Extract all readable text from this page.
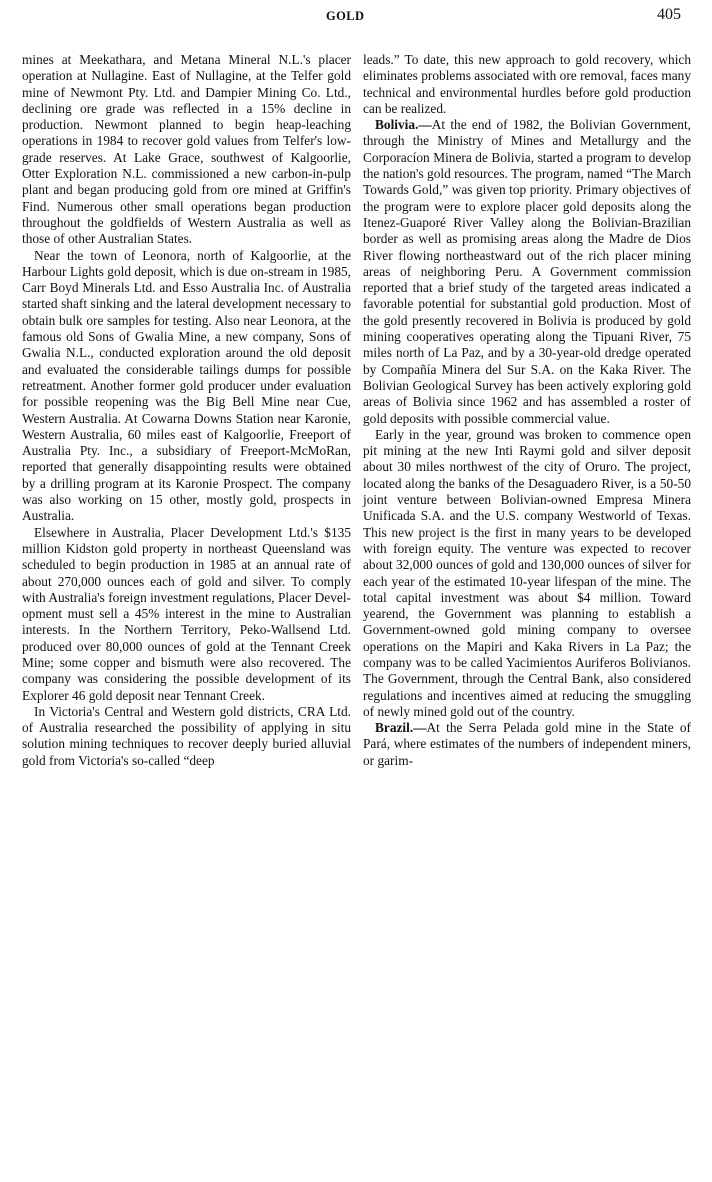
GOLD	405

mines at Meekathara, and Metana Mineral N.L.'s placer operation at Nullagine. East of Nullagine, at the Telfer gold mine of Newmont Pty. Ltd. and Dampier Mining Co. Ltd., declining ore grade was reflected in a 15% decline in production. Newmont planned to begin heap-leaching operations in 1984 to recover gold values from Telfer's low-grade reserves. At Lake Grace, southwest of Kalgoorlie, Otter Exploration N.L. commissioned a new carbon-in-pulp plant and began producing gold from ore mined at Griffin's Find. Numerous other small operations began production throughout the goldfields of Western Australia as well as those of other Australian States.

Near the town of Leonora, north of Kalgoorlie, at the Harbour Lights gold deposit, which is due on-stream in 1985, Carr Boyd Minerals Ltd. and Esso Australia Inc. of Australia started shaft sinking and the lateral development necessary to obtain bulk ore samples for testing. Also near Leonora, at the famous old Sons of Gwalia Mine, a new company, Sons of Gwalia N.L., conducted exploration around the old deposit and evaluated the considerable tailings dumps for possible retreatment. Another former gold producer under evaluation for possible reopening was the Big Bell Mine near Cue, Western Australia. At Cowarna Downs Station near Karonie, Western Australia, 60 miles east of Kalgoorlie, Freeport of Australia Pty. Inc., a subsidiary of Freeport-McMoRan, reported that generally disappointing results were obtained by a drilling program at its Karonie Prospect. The company was also working on 15 other, mostly gold, prospects in Australia.

Elsewhere in Australia, Placer Development Ltd.'s $135 million Kidston gold property in northeast Queensland was scheduled to begin production in 1985 at an annual rate of about 270,000 ounces each of gold and silver. To comply with Australia's foreign investment regulations, Placer Development must sell a 45% interest in the mine to Australian interests. In the Northern Territory, Peko-Wallsend Ltd. produced over 80,000 ounces of gold at the Tennant Creek Mine; some copper and bismuth were also recovered. The company was considering the possible development of its Explorer 46 gold deposit near Tennant Creek.

In Victoria's Central and Western gold districts, CRA Ltd. of Australia researched the possibility of applying in situ solution mining techniques to recover deeply buried alluvial gold from Victoria's so-called “deep

leads.” To date, this new approach to gold recovery, which eliminates problems associated with ore removal, faces many technical and environmental hurdles before gold production can be realized.

Bolivia.—At the end of 1982, the Bolivian Government, through the Ministry of Mines and Metallurgy and the Corporacíon Minera de Bolivia, started a program to develop the nation's gold resources. The program, named “The March Towards Gold,” was given top priority. Primary objectives of the program were to explore placer gold deposits along the Itenez-Guaporé River Valley along the Bolivian-Brazilian border as well as promising areas along the Madre de Dios River flowing northeastward out of the rich placer mining areas of neighboring Peru. A Government commission reported that a brief study of the targeted areas indicated a favorable potential for substantial gold production. Most of the gold presently recovered in Bolivia is produced by gold mining cooperatives operating along the Tipuani River, 75 miles north of La Paz, and by a 30-year-old dredge operated by Compañía Minera del Sur S.A. on the Kaka River. The Bolivian Geological Survey has been actively exploring gold areas of Bolivia since 1962 and has assembled a roster of gold deposits with possible commercial value.

Early in the year, ground was broken to commence open pit mining at the new Inti Raymi gold and silver deposit about 30 miles northwest of the city of Oruro. The project, located along the banks of the Desaguadero River, is a 50-50 joint venture between Bolivian-owned Empresa Minera Unificada S.A. and the U.S. company Westworld of Texas. This new project is the first in many years to be developed with foreign equity. The venture was expected to recover about 32,000 ounces of gold and 130,000 ounces of silver for each year of the estimated 10-year lifespan of the mine. The total capital investment was about $4 million. Toward yearend, the Government was planning to establish a Government-owned gold mining company to oversee operations on the Mapiri and Kaka Rivers in La Paz; the company was to be called Yacimientos Auriferos Bolivianos. The Government, through the Central Bank, also considered regulations and incentives aimed at reducing the smuggling of newly mined gold out of the country.

Brazil.—At the Serra Pelada gold mine in the State of Pará, where estimates of the numbers of independent miners, or garim-
